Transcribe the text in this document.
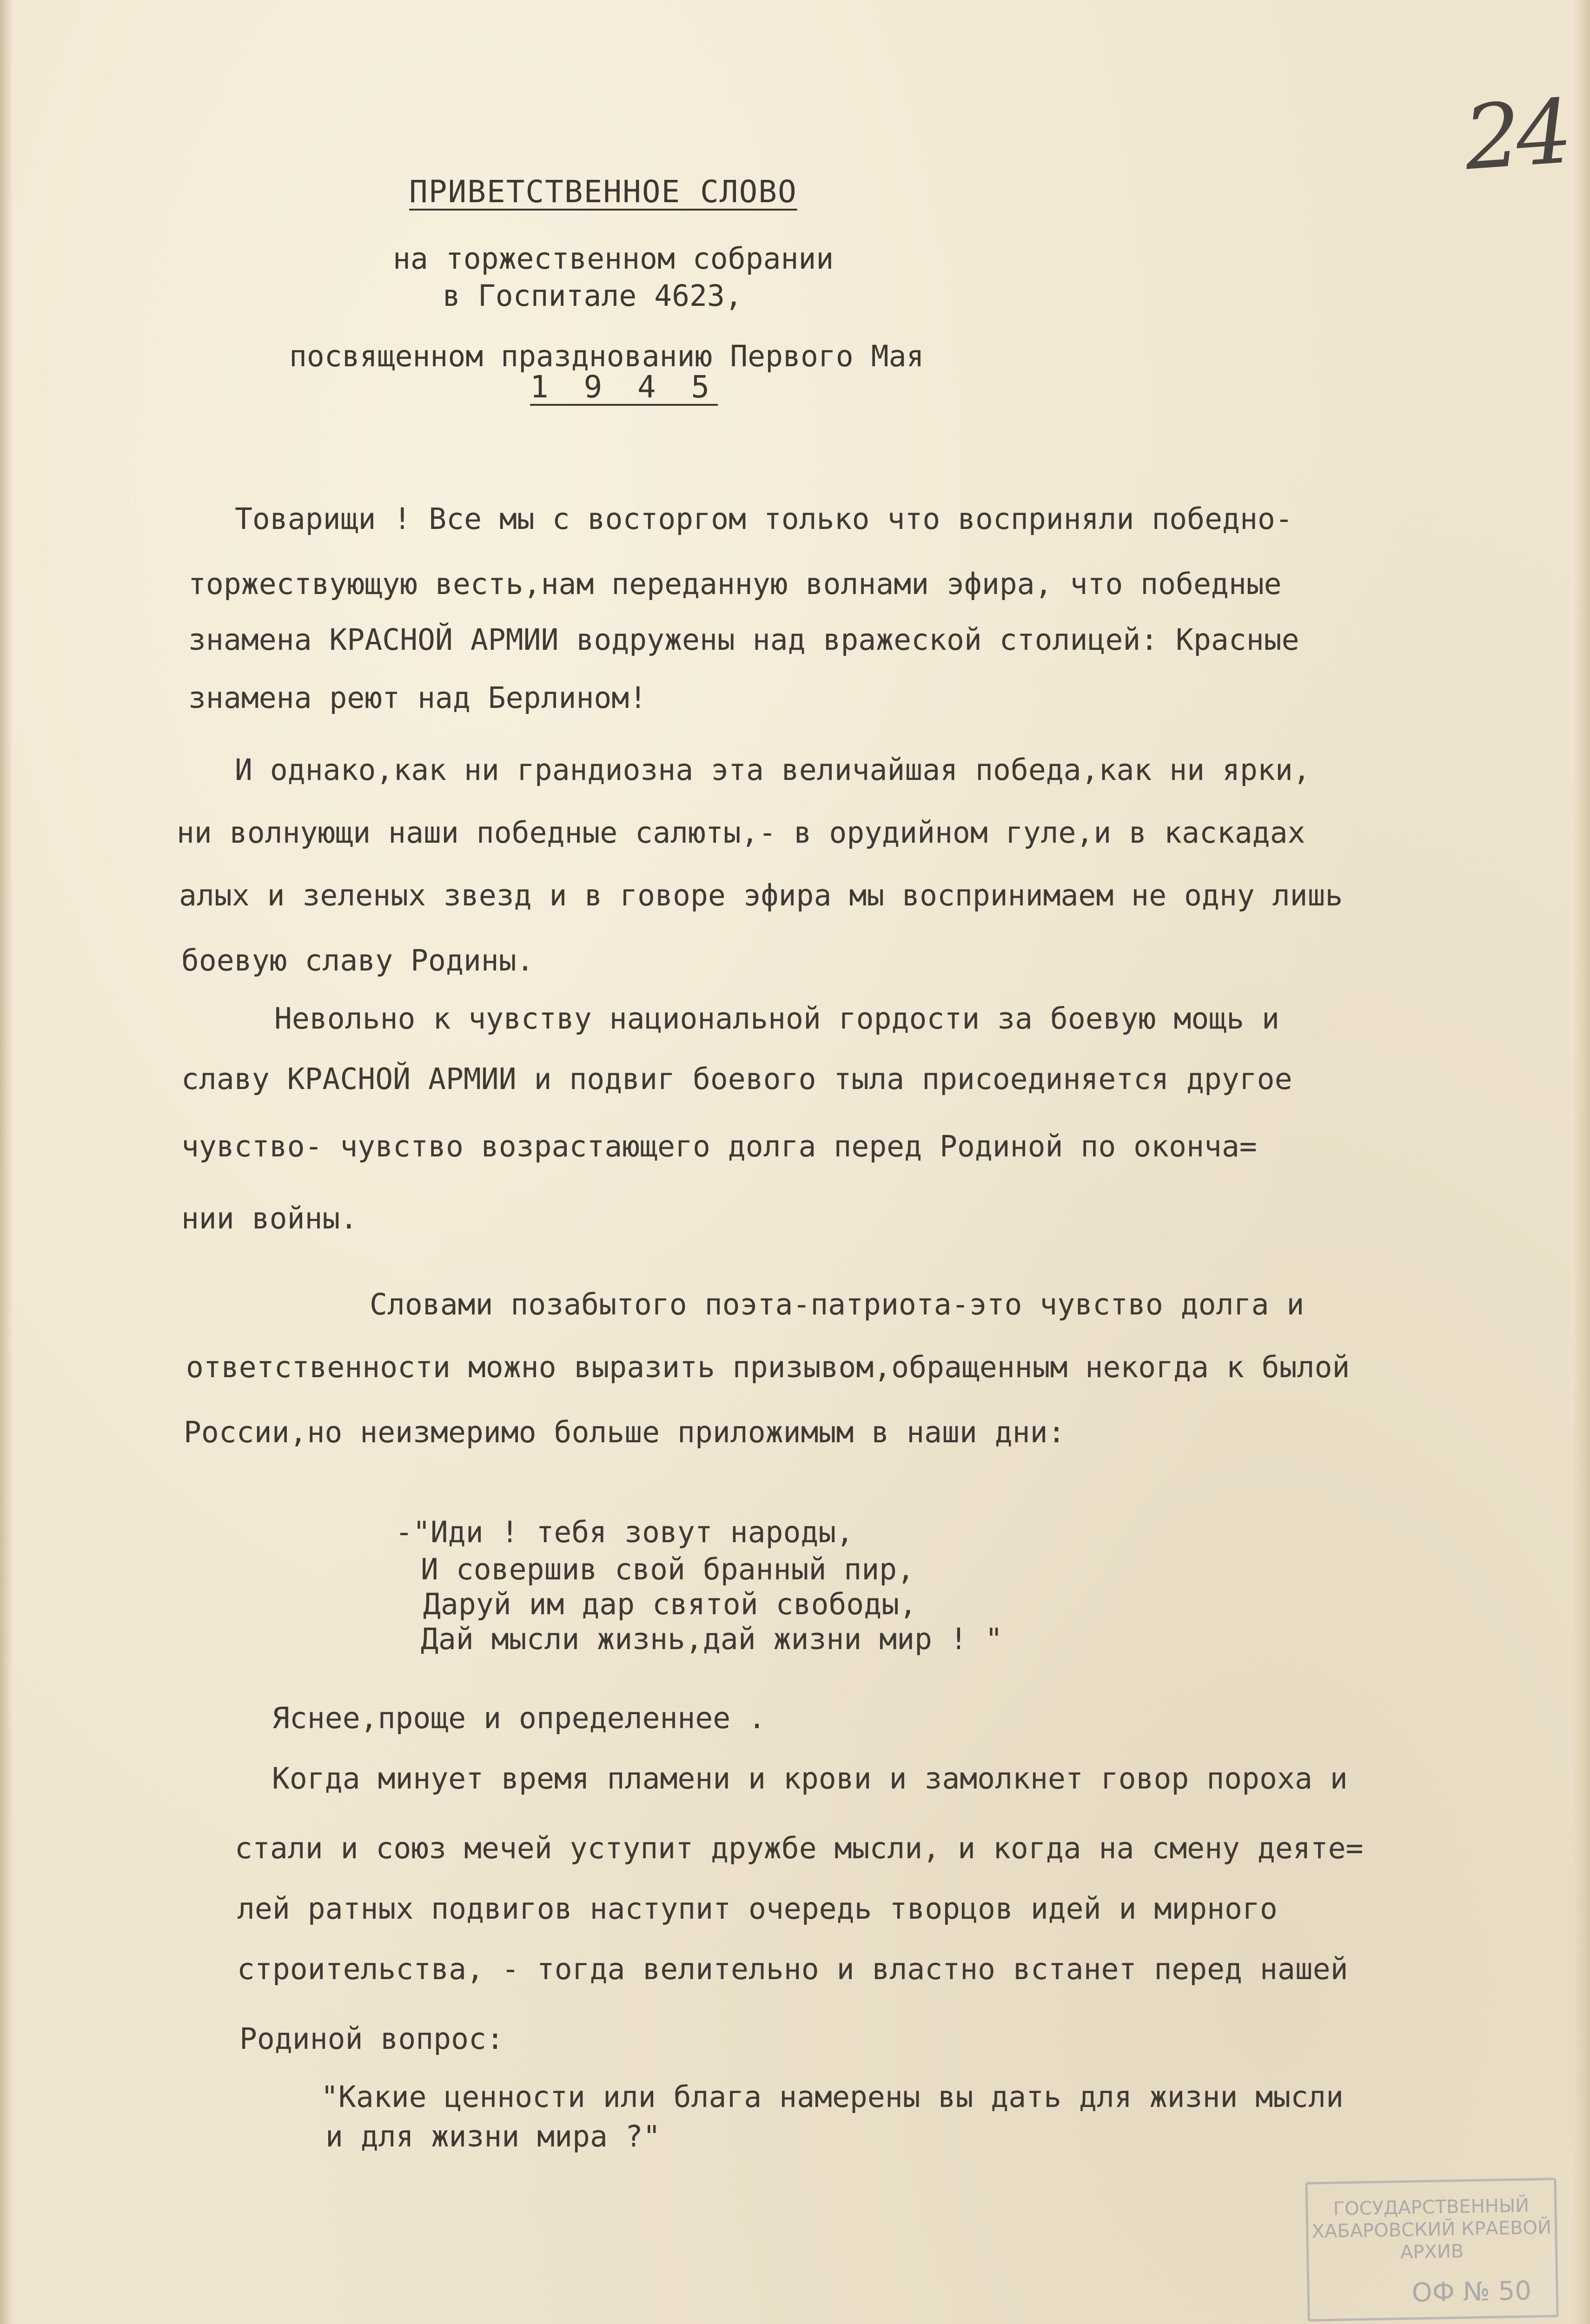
24
ПРИВЕТСТВЕННОЕ СЛОВО
на торжественном собрании
в Госпитале 4623,
посвященном празднованию Первого Мая
1 9 4 5
Товарищи ! Все мы с восторгом только что восприняли победно-
торжествующую весть,нам переданную волнами эфира, что победные
знамена КРАСНОЙ АРМИИ водружены над вражеской столицей: Красные
знамена реют над Берлином!
И однако,как ни грандиозна эта величайшая победа,как ни ярки,
ни волнующи наши победные салюты,- в орудийном гуле,и в каскадах
алых и зеленых звезд и в говоре эфира мы воспринимаем не одну лишь
боевую славу Родины.
Невольно к чувству национальной гордости за боевую мощь и
славу КРАСНОЙ АРМИИ и подвиг боевого тыла присоединяется другое
чувство- чувство возрастающего долга перед Родиной по оконча=
нии войны.
Словами позабытого поэта-патриота-это чувство долга и
ответственности можно выразить призывом,обращенным некогда к былой
России,но неизмеримо больше приложимым в наши дни:
-"Иди ! тебя зовут народы,
И совершив свой бранный пир,
Даруй им дар святой свободы,
Дай мысли жизнь,дай жизни мир ! "
Яснее,проще и определеннее .
Когда минует время пламени и крови и замолкнет говор пороха и
стали и союз мечей уступит дружбе мысли, и когда на смену деяте=
лей ратных подвигов наступит очередь творцов идей и мирного
строительства, - тогда велительно и властно встанет перед нашей
Родиной вопрос:
"Какие ценности или блага намерены вы дать для жизни мысли
и для жизни мира ?"
ГОСУДАРСТВЕННЫЙ
ХАБАРОВСКИЙ КРАЕВОЙ
АРХИВ
ОФ № 50
